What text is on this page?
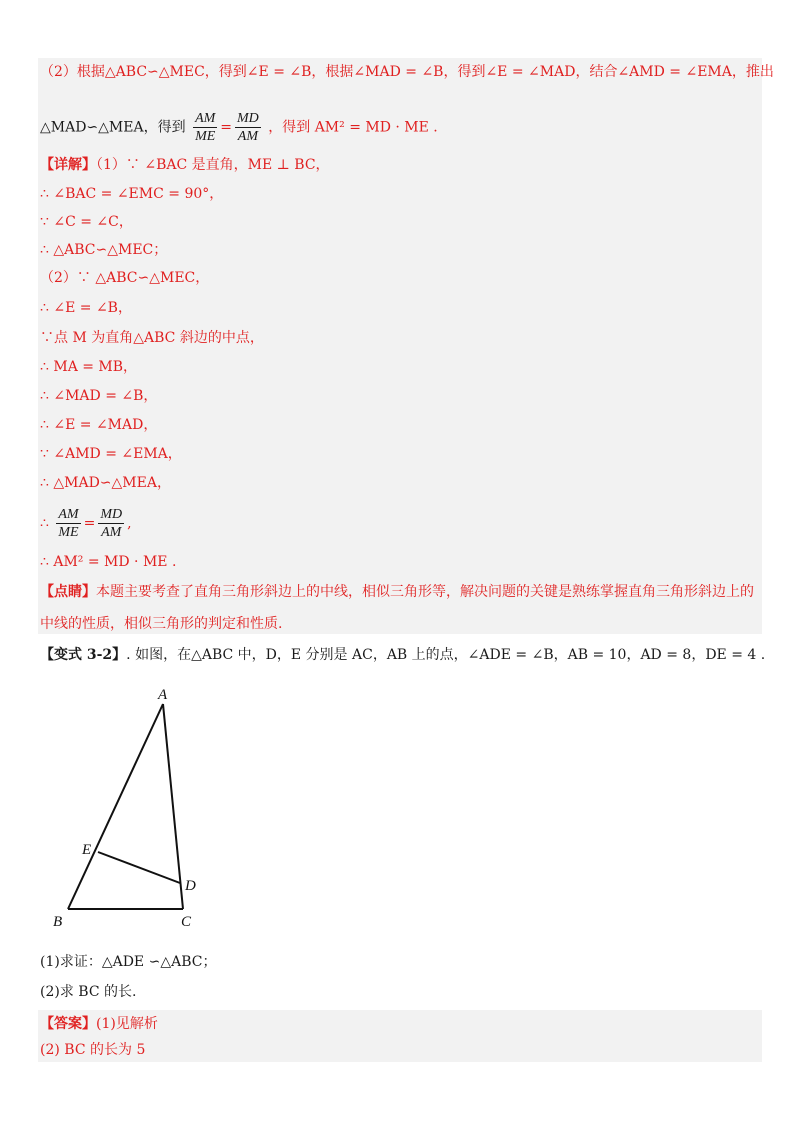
（2）根据△ABC∽△MEC，得到∠E = ∠B，根据∠MAD = ∠B，得到∠E = ∠MAD，结合∠AMD = ∠EMA，推出
△MAD∽△MEA，得到 $\frac{AM}{ME} = \frac{MD}{AM}$ ，得到 AM² = MD · ME .
【详解】（1）∵ ∠BAC 是直角，ME ⊥ BC，
∴ ∠BAC = ∠EMC = 90°，
∵ ∠C = ∠C，
∴ △ABC∽△MEC；
（2）∵ △ABC∽△MEC，
∴ ∠E = ∠B，
∵点 M 为直角△ABC 斜边的中点，
∴ MA = MB，
∴ ∠MAD = ∠B，
∴ ∠E = ∠MAD，
∵ ∠AMD = ∠EMA，
∴ △MAD∽△MEA，
∴ $\frac{AM}{ME} = \frac{MD}{AM}$ ,
∴ AM² = MD · ME .
【点睛】本题主要考查了直角三角形斜边上的中线，相似三角形等，解决问题的关键是熟练掌握直角三角形斜边上的
中线的性质，相似三角形的判定和性质.
【变式 3-2】. 如图，在△ABC 中，D，E 分别是 AC，AB 上的点，∠ADE = ∠B，AB = 10，AD = 8，DE = 4 .
A
E
D
B	C
(1)求证：△ADE ∽△ABC；
(2)求 BC 的长.
【答案】(1)见解析
(2) BC 的长为 5
